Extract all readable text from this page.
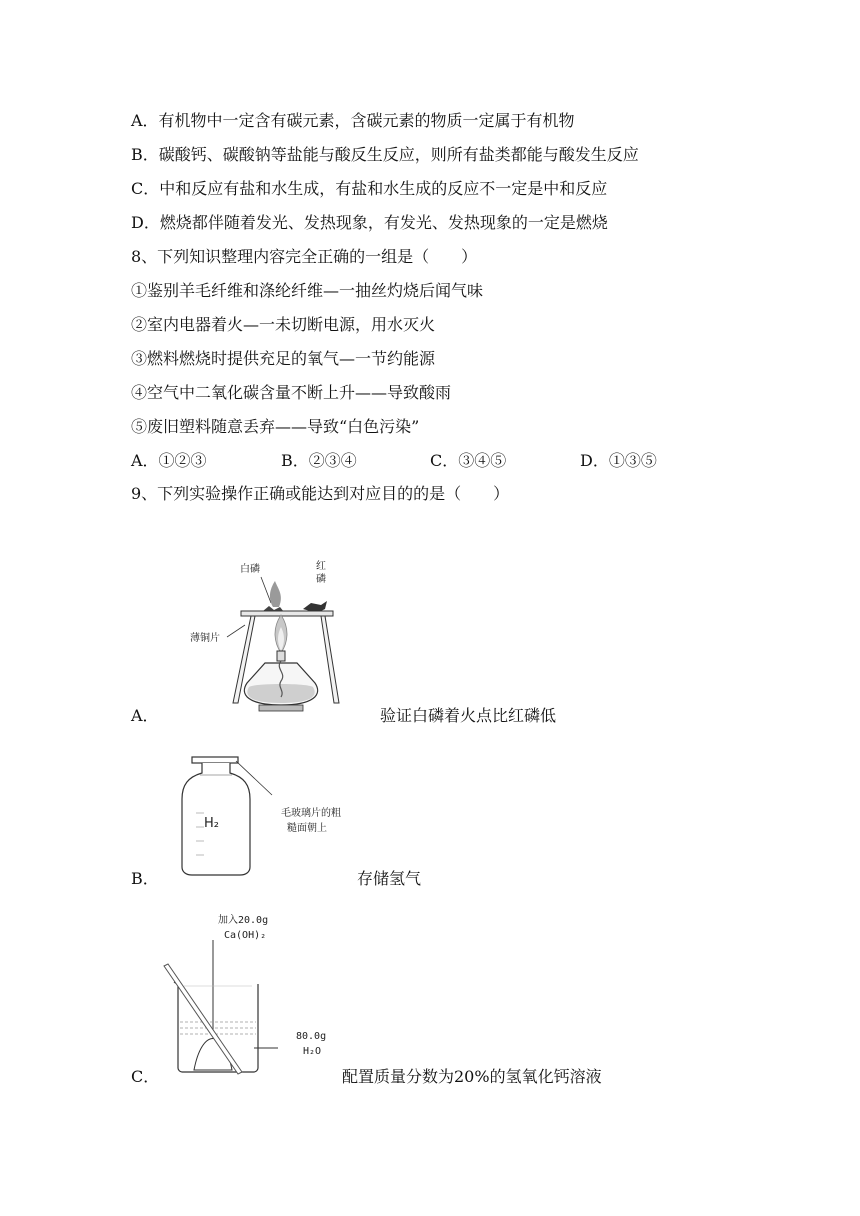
A．有机物中一定含有碳元素，含碳元素的物质一定属于有机物
B．碳酸钙、碳酸钠等盐能与酸反生反应，则所有盐类都能与酸发生反应
C．中和反应有盐和水生成，有盐和水生成的反应不一定是中和反应
D．燃烧都伴随着发光、发热现象，有发光、发热现象的一定是燃烧
8、下列知识整理内容完全正确的一组是（　　）
①鉴别羊毛纤维和涤纶纤维—一抽丝灼烧后闻气味
②室内电器着火—一未切断电源，用水灭火
③燃料燃烧时提供充足的氧气—一节约能源
④空气中二氧化碳含量不断上升——导致酸雨
⑤废旧塑料随意丢弃——导致“白色污染”
A．①②③	B．②③④	C．③④⑤	D．①③⑤
9、下列实验操作正确或能达到对应目的的是（　　）
白磷	红
磷
薄铜片
A．	验证白磷着火点比红磷低
H₂
毛玻璃片的粗
糙面朝上
B．	存储氢气
加入20.0g
Ca(OH)₂
80.0g
H₂O
C．	配置质量分数为20%的氢氧化钙溶液
